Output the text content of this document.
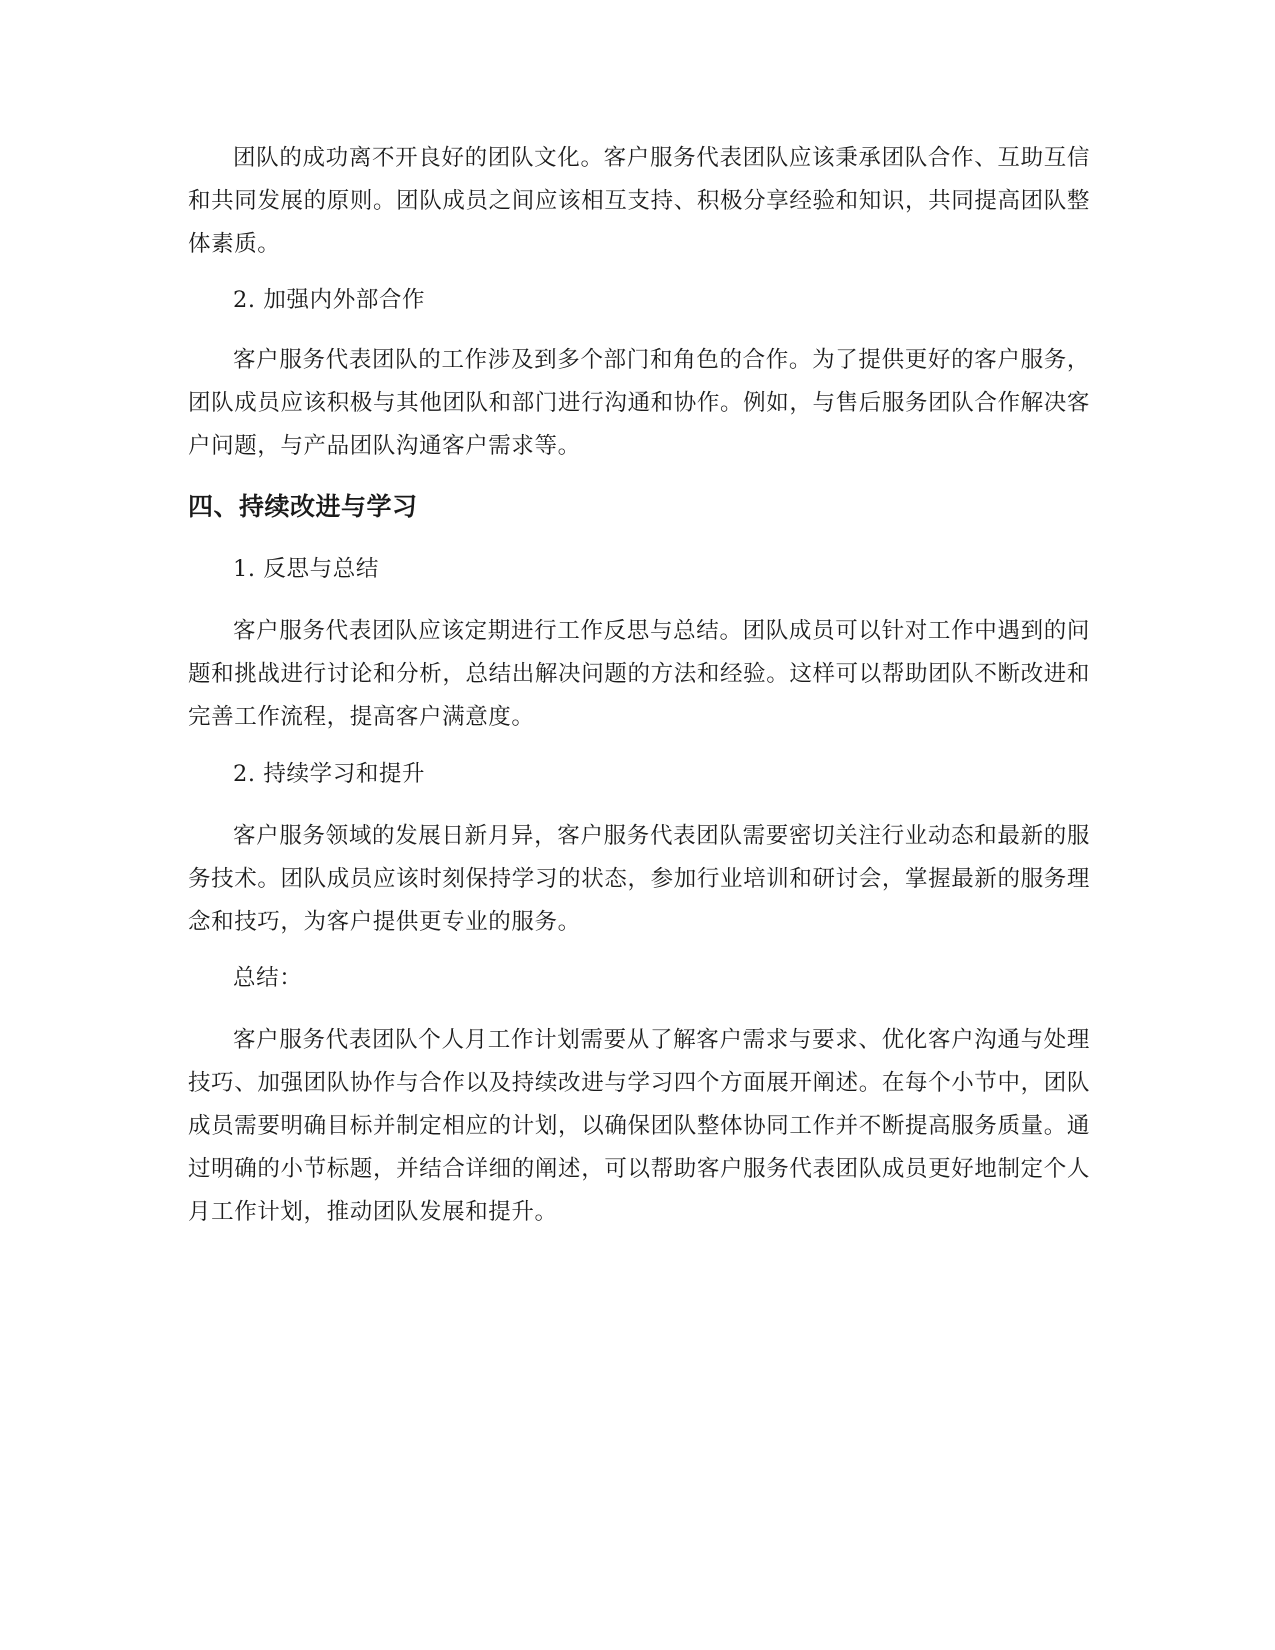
团队的成功离不开良好的团队文化。客户服务代表团队应该秉承团队合作、互助互信和共同发展的原则。团队成员之间应该相互支持、积极分享经验和知识，共同提高团队整体素质。

2. 加强内外部合作

客户服务代表团队的工作涉及到多个部门和角色的合作。为了提供更好的客户服务，团队成员应该积极与其他团队和部门进行沟通和协作。例如，与售后服务团队合作解决客户问题，与产品团队沟通客户需求等。

四、持续改进与学习

1. 反思与总结

客户服务代表团队应该定期进行工作反思与总结。团队成员可以针对工作中遇到的问题和挑战进行讨论和分析，总结出解决问题的方法和经验。这样可以帮助团队不断改进和完善工作流程，提高客户满意度。

2. 持续学习和提升

客户服务领域的发展日新月异，客户服务代表团队需要密切关注行业动态和最新的服务技术。团队成员应该时刻保持学习的状态，参加行业培训和研讨会，掌握最新的服务理念和技巧，为客户提供更专业的服务。

总结：

客户服务代表团队个人月工作计划需要从了解客户需求与要求、优化客户沟通与处理技巧、加强团队协作与合作以及持续改进与学习四个方面展开阐述。在每个小节中，团队成员需要明确目标并制定相应的计划，以确保团队整体协同工作并不断提高服务质量。通过明确的小节标题，并结合详细的阐述，可以帮助客户服务代表团队成员更好地制定个人月工作计划，推动团队发展和提升。
